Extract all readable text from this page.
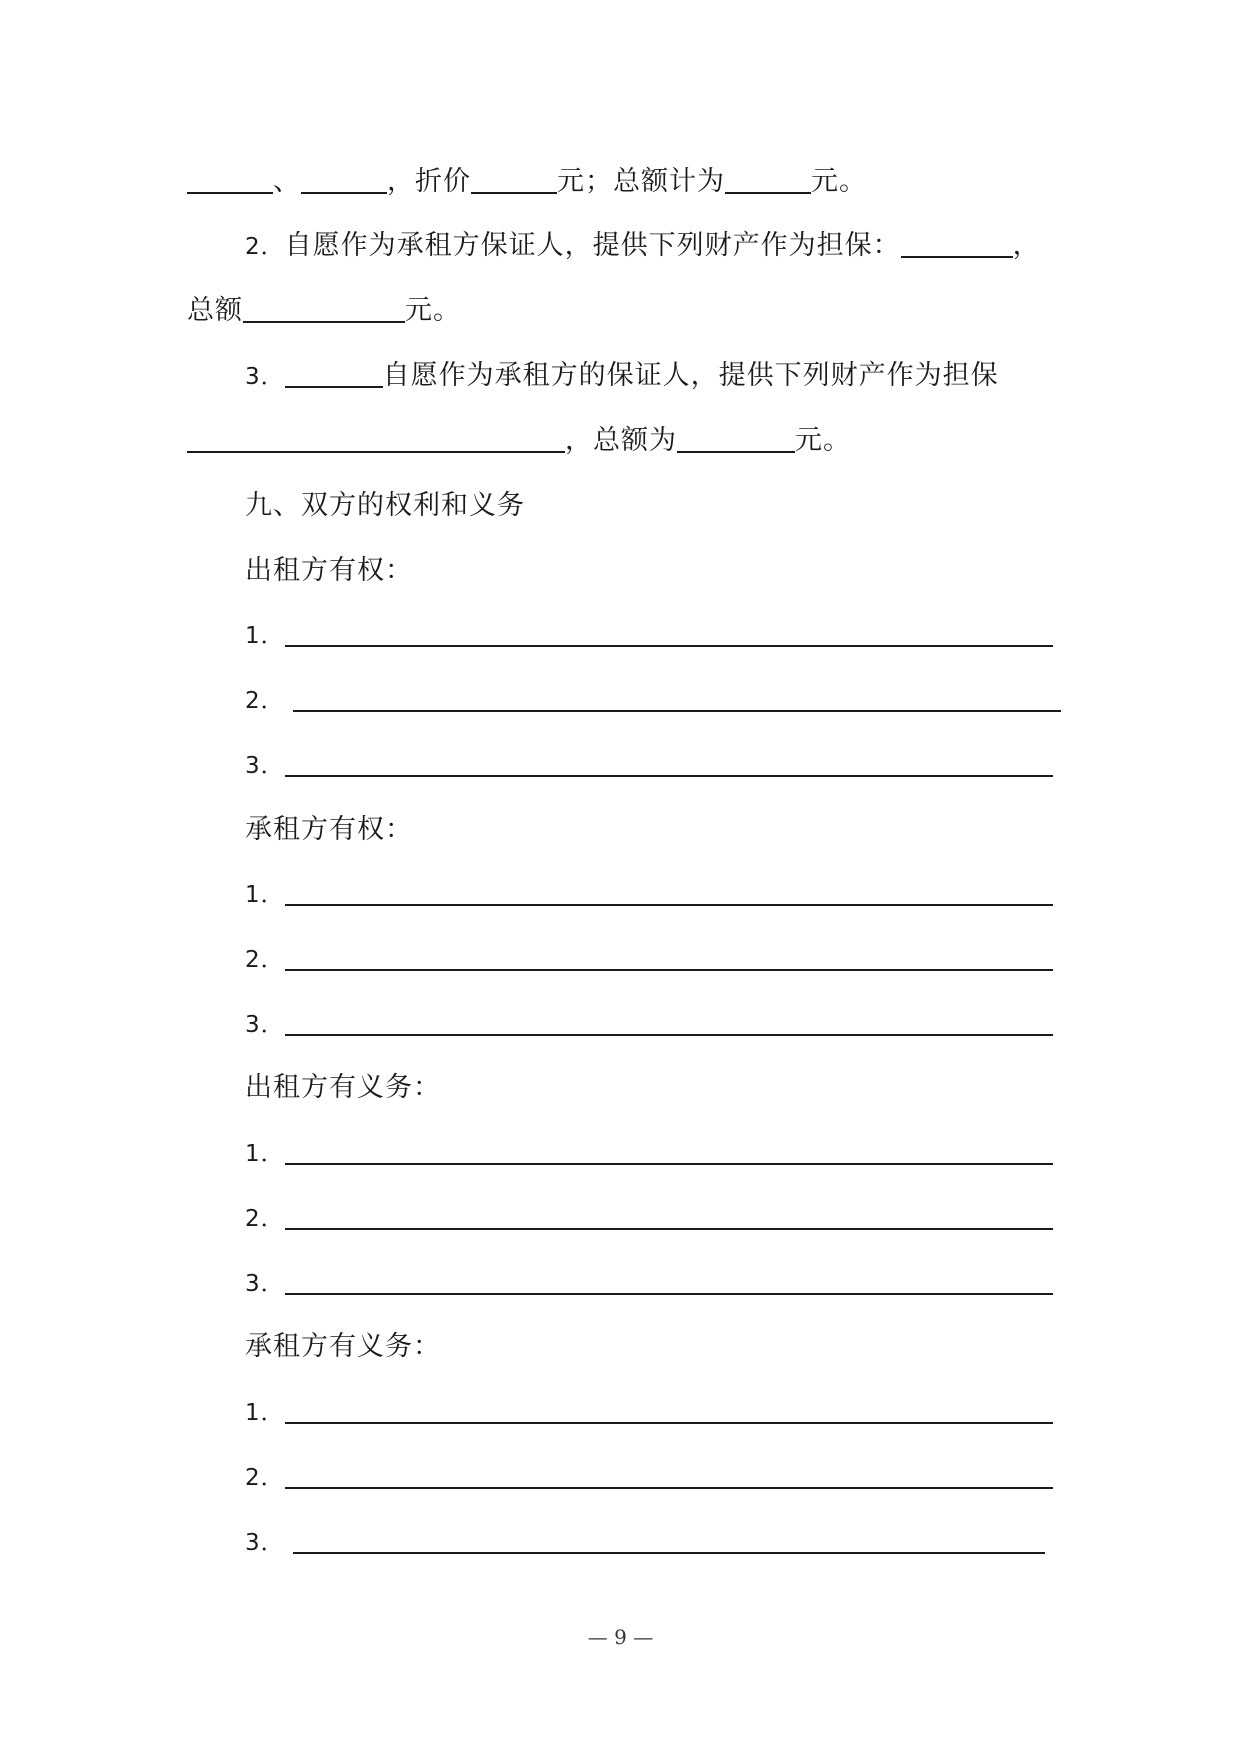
、	，折价	元；总额计为	元。
2．自愿作为承租方保证人，提供下列财产作为担保：	，
总额	元。
3．	自愿作为承租方的保证人，提供下列财产作为担保
，总额为	元。
九、双方的权利和义务
出租方有权：
1．
2．
3．
承租方有权：
1．
2．
3．
出租方有义务：
1．
2．
3．
承租方有义务：
1．
2．
3．
— 9 —
